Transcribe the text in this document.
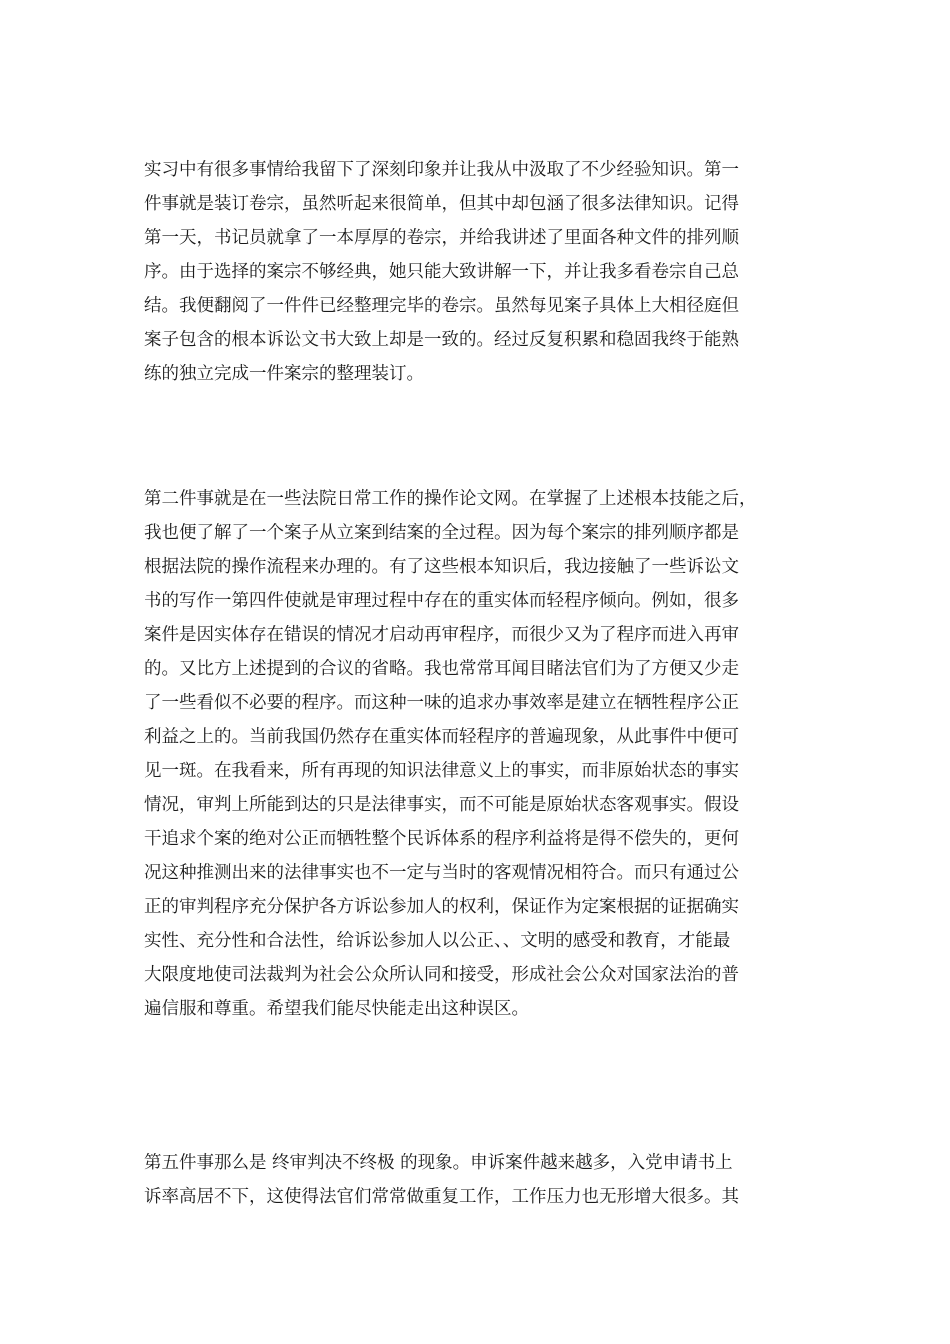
实习中有很多事情给我留下了深刻印象并让我从中汲取了不少经验知识。第一
件事就是装订卷宗，虽然听起来很简单，但其中却包涵了很多法律知识。记得
第一天，书记员就拿了一本厚厚的卷宗，并给我讲述了里面各种文件的排列顺
序。由于选择的案宗不够经典，她只能大致讲解一下，并让我多看卷宗自己总
结。我便翻阅了一件件已经整理完毕的卷宗。虽然每见案子具体上大相径庭但
案子包含的根本诉讼文书大致上却是一致的。经过反复积累和稳固我终于能熟
练的独立完成一件案宗的整理装订。
第二件事就是在一些法院日常工作的操作论文网。在掌握了上述根本技能之后，
我也便了解了一个案子从立案到结案的全过程。因为每个案宗的排列顺序都是
根据法院的操作流程来办理的。有了这些根本知识后，我边接触了一些诉讼文
书的写作一第四件使就是审理过程中存在的重实体而轻程序倾向。例如，很多
案件是因实体存在错误的情况才启动再审程序，而很少又为了程序而进入再审
的。又比方上述提到的合议的省略。我也常常耳闻目睹法官们为了方便又少走
了一些看似不必要的程序。而这种一味的追求办事效率是建立在牺牲程序公正
利益之上的。当前我国仍然存在重实体而轻程序的普遍现象，从此事件中便可
见一斑。在我看来，所有再现的知识法律意义上的事实，而非原始状态的事实
情况，审判上所能到达的只是法律事实，而不可能是原始状态客观事实。假设
干追求个案的绝对公正而牺牲整个民诉体系的程序利益将是得不偿失的，更何
况这种推测出来的法律事实也不一定与当时的客观情况相符合。而只有通过公
正的审判程序充分保护各方诉讼参加人的权利，保证作为定案根据的证据确实
实性、充分性和合法性，给诉讼参加人以公正、、文明的感受和教育，才能最
大限度地使司法裁判为社会公众所认同和接受，形成社会公众对国家法治的普
遍信服和尊重。希望我们能尽快能走出这种误区。
第五件事那么是 终审判决不终极 的现象。申诉案件越来越多，入党申请书上
诉率高居不下，这使得法官们常常做重复工作，工作压力也无形增大很多。其
